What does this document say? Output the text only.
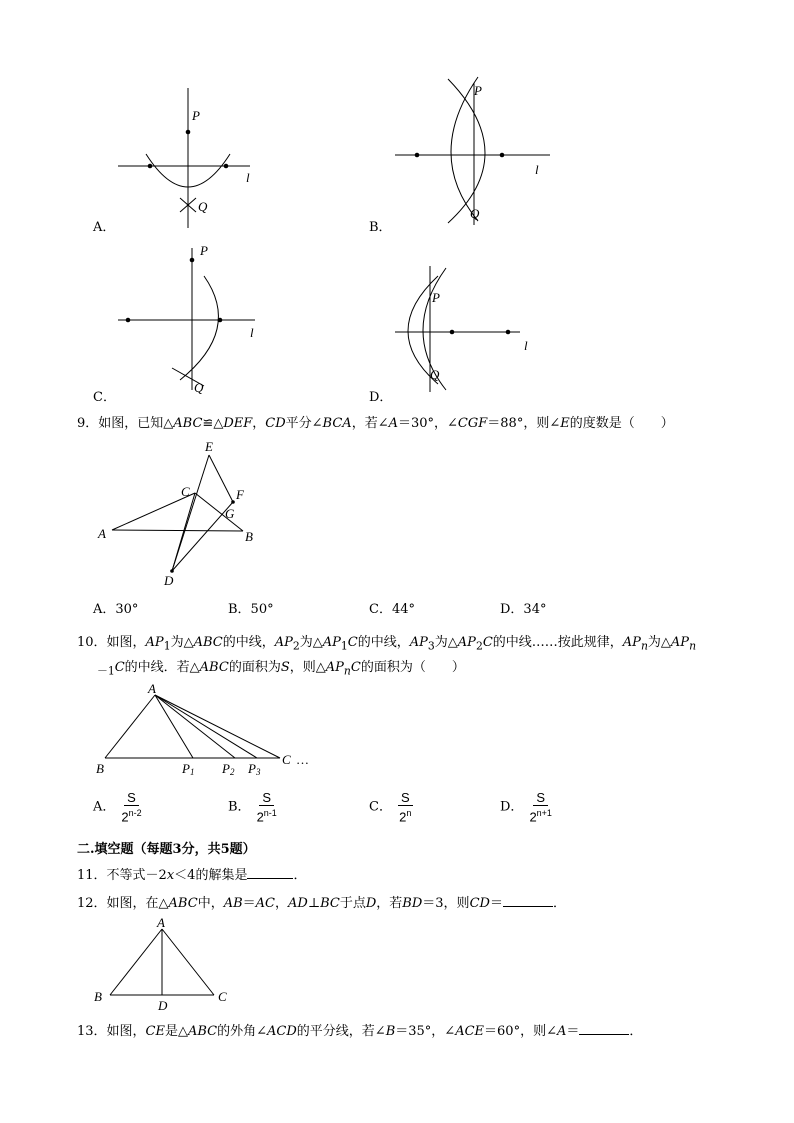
P
Q
l
A．
P
Q
l
B．
P
Q
l
C．
P
Q
l
D．
9．如图，已知△ABC≌△DEF，CD平分∠BCA，若∠A＝30°，∠CGF＝88°，则∠E的度数是（　　）
A	B
C
D
E
F
G
A．30°	B．50°	C．44°	D．34°
10．如图，$AP_1$为△ABC的中线，$AP_2$为$\triangle AP_1C$的中线，$AP_3$为$\triangle AP_2C$的中线……按此规律，$AP_n$为$\triangle AP_n$
$_{-1}$C的中线．若△ABC的面积为S，则$\triangle AP_nC$的面积为（　　）
A
B	P1 P2 P3
C …
A． $\frac{S}{2^{n-2}}$	B． $\frac{S}{2^{n-1}}$	C． $\frac{S}{2^n}$	D． $\frac{S}{2^{n+1}}$
二.填空题（每题3分，共5题）
11．不等式－2x＜4的解集是	．
12．如图，在△ABC中，AB＝AC，AD⊥BC于点D，若BD＝3，则CD＝	．
A
B
D
C
13．如图，CE是△ABC的外角∠ACD的平分线，若∠B＝35°，∠ACE＝60°，则∠A＝	．
